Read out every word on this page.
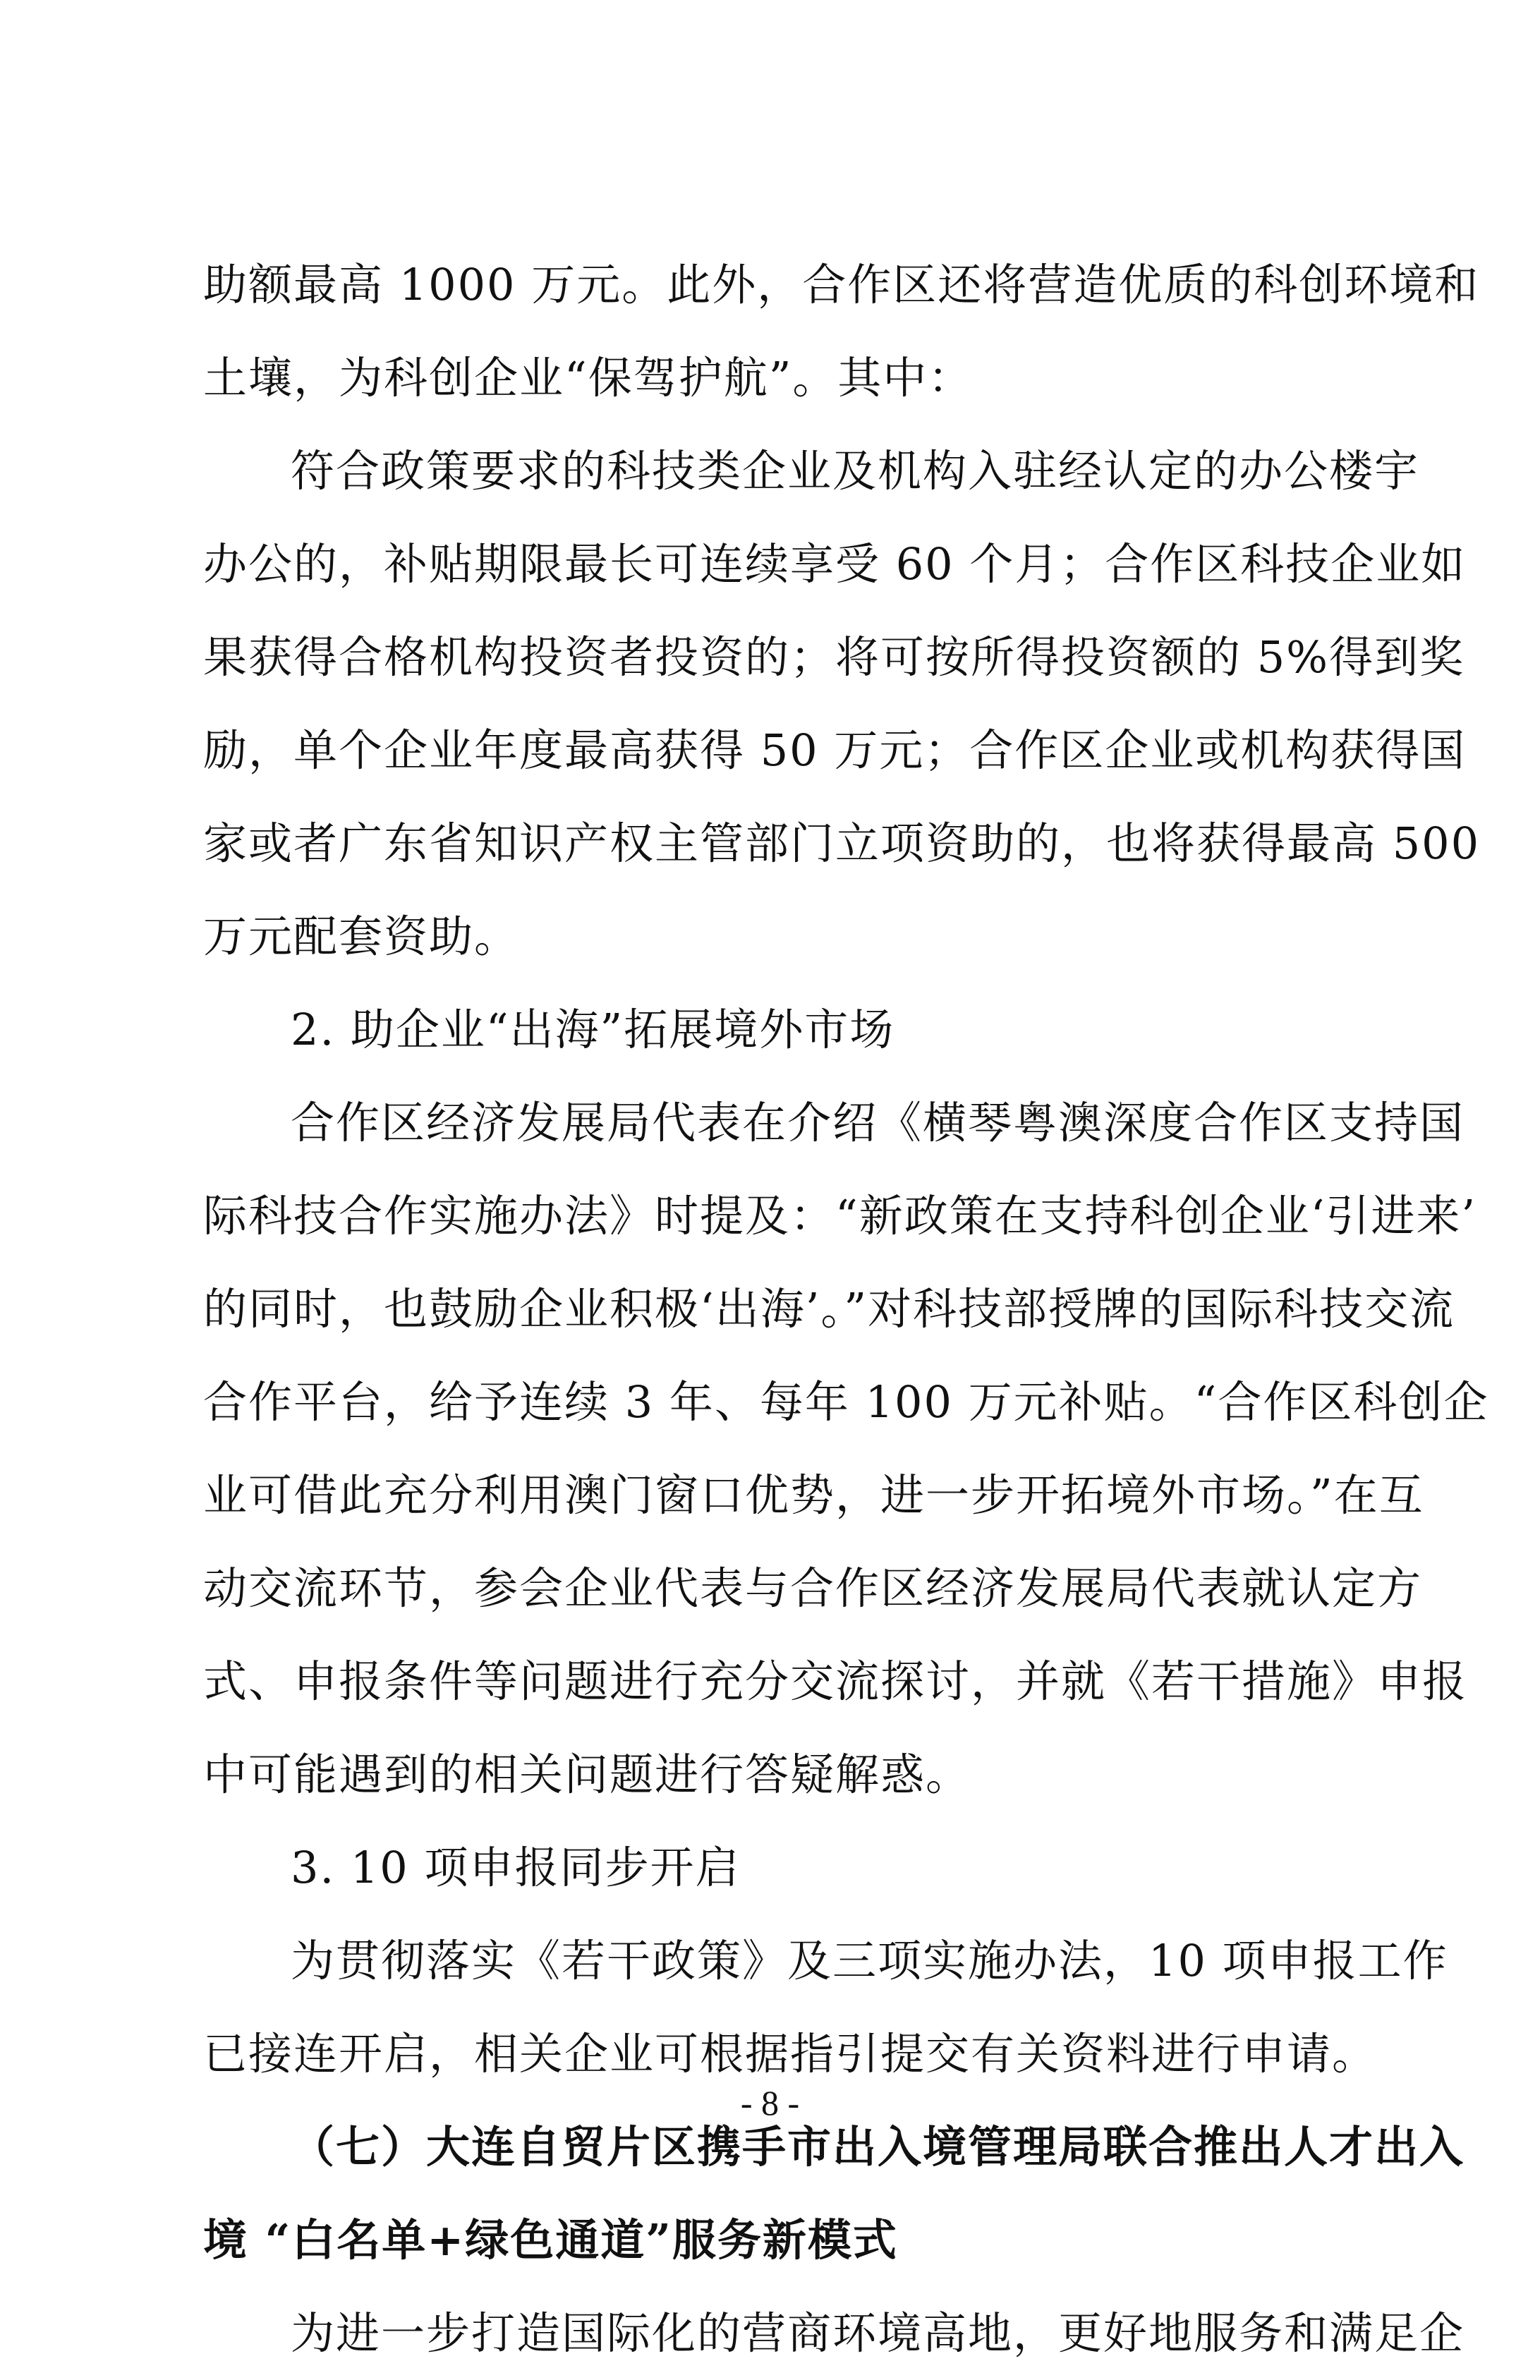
助额最高 1000 万元。此外，合作区还将营造优质的科创环境和
土壤，为科创企业“保驾护航”。其中：
符合政策要求的科技类企业及机构入驻经认定的办公楼宇
办公的，补贴期限最长可连续享受 60 个月；合作区科技企业如
果获得合格机构投资者投资的；将可按所得投资额的 5%得到奖
励，单个企业年度最高获得 50 万元；合作区企业或机构获得国
家或者广东省知识产权主管部门立项资助的，也将获得最高 500
万元配套资助。
2. 助企业“出海”拓展境外市场
合作区经济发展局代表在介绍《横琴粤澳深度合作区支持国
际科技合作实施办法》时提及：“新政策在支持科创企业‘引进来’
的同时，也鼓励企业积极‘出海’。”对科技部授牌的国际科技交流
合作平台，给予连续 3 年、每年 100 万元补贴。“合作区科创企
业可借此充分利用澳门窗口优势，进一步开拓境外市场。”在互
动交流环节，参会企业代表与合作区经济发展局代表就认定方
式、申报条件等问题进行充分交流探讨，并就《若干措施》申报
中可能遇到的相关问题进行答疑解惑。
3. 10 项申报同步开启
为贯彻落实《若干政策》及三项实施办法，10 项申报工作
已接连开启，相关企业可根据指引提交有关资料进行申请。
（七）大连自贸片区携手市出入境管理局联合推出人才出入
境 “白名单+绿色通道”服务新模式
为进一步打造国际化的营商环境高地，更好地服务和满足企
- 8 -
